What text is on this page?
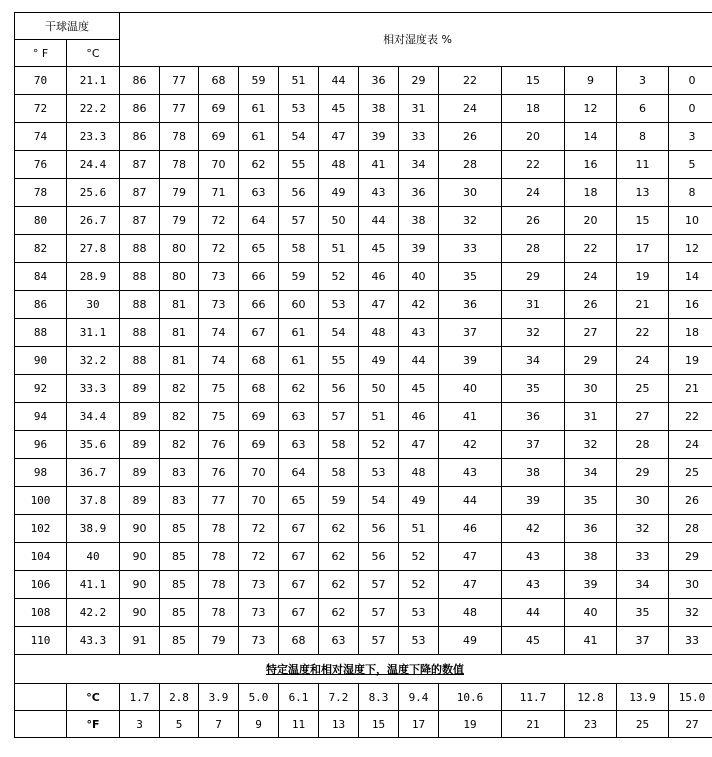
干球温度		相对湿度表 %												
° F	°C													
70	21.1	86	77	68	59	51	44	36	29	22	15	9	3	0
72	22.2	86	77	69	61	53	45	38	31	24	18	12	6	0
74	23.3	86	78	69	61	54	47	39	33	26	20	14	8	3
76	24.4	87	78	70	62	55	48	41	34	28	22	16	11	5
78	25.6	87	79	71	63	56	49	43	36	30	24	18	13	8
80	26.7	87	79	72	64	57	50	44	38	32	26	20	15	10
82	27.8	88	80	72	65	58	51	45	39	33	28	22	17	12
84	28.9	88	80	73	66	59	52	46	40	35	29	24	19	14
86	30	88	81	73	66	60	53	47	42	36	31	26	21	16
88	31.1	88	81	74	67	61	54	48	43	37	32	27	22	18
90	32.2	88	81	74	68	61	55	49	44	39	34	29	24	19
92	33.3	89	82	75	68	62	56	50	45	40	35	30	25	21
94	34.4	89	82	75	69	63	57	51	46	41	36	31	27	22
96	35.6	89	82	76	69	63	58	52	47	42	37	32	28	24
98	36.7	89	83	76	70	64	58	53	48	43	38	34	29	25
100	37.8	89	83	77	70	65	59	54	49	44	39	35	30	26
102	38.9	90	85	78	72	67	62	56	51	46	42	36	32	28
104	40	90	85	78	72	67	62	56	52	47	43	38	33	29
106	41.1	90	85	78	73	67	62	57	52	47	43	39	34	30
108	42.2	90	85	78	73	67	62	57	53	48	44	40	35	32
110	43.3	91	85	79	73	68	63	57	53	49	45	41	37	33
特定温度和相对湿度下，温度下降的数值														
	°C	1.7	2.8	3.9	5.0	6.1	7.2	8.3	9.4	10.6	11.7	12.8	13.9	15.0
	°F	3	5	7	9	11	13	15	17	19	21	23	25	27
